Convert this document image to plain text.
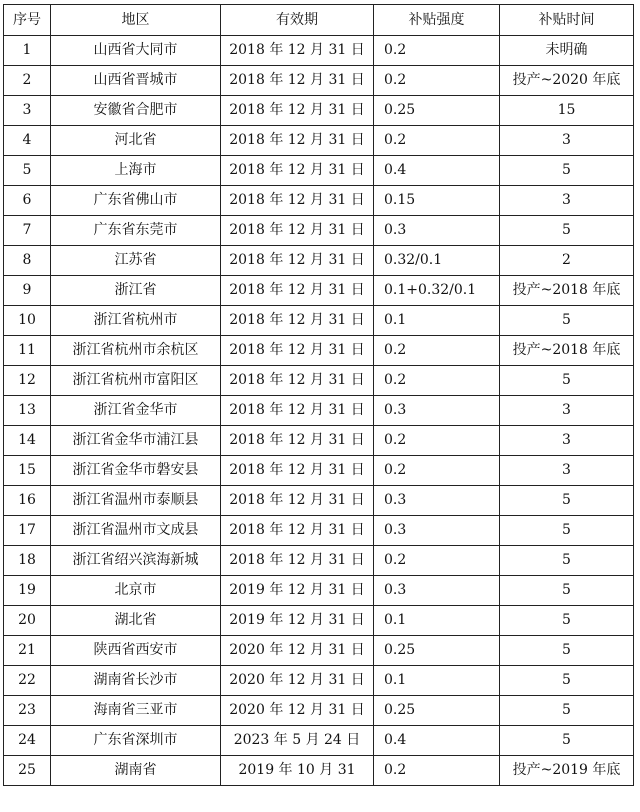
序号	地区	有效期	补贴强度	补贴时间
1	山西省大同市	2018 年 12 月 31 日	0.2	未明确
2	山西省晋城市	2018 年 12 月 31 日	0.2	投产~2020 年底
3	安徽省合肥市	2018 年 12 月 31 日	0.25	15
4	河北省	2018 年 12 月 31 日	0.2	3
5	上海市	2018 年 12 月 31 日	0.4	5
6	广东省佛山市	2018 年 12 月 31 日	0.15	3
7	广东省东莞市	2018 年 12 月 31 日	0.3	5
8	江苏省	2018 年 12 月 31 日	0.32/0.1	2
9	浙江省	2018 年 12 月 31 日	0.1+0.32/0.1	投产~2018 年底
10	浙江省杭州市	2018 年 12 月 31 日	0.1	5
11	浙江省杭州市余杭区	2018 年 12 月 31 日	0.2	投产~2018 年底
12	浙江省杭州市富阳区	2018 年 12 月 31 日	0.2	5
13	浙江省金华市	2018 年 12 月 31 日	0.3	3
14	浙江省金华市浦江县	2018 年 12 月 31 日	0.2	3
15	浙江省金华市磐安县	2018 年 12 月 31 日	0.2	3
16	浙江省温州市泰顺县	2018 年 12 月 31 日	0.3	5
17	浙江省温州市文成县	2018 年 12 月 31 日	0.3	5
18	浙江省绍兴滨海新城	2018 年 12 月 31 日	0.2	5
19	北京市	2019 年 12 月 31 日	0.3	5
20	湖北省	2019 年 12 月 31 日	0.1	5
21	陕西省西安市	2020 年 12 月 31 日	0.25	5
22	湖南省长沙市	2020 年 12 月 31 日	0.1	5
23	海南省三亚市	2020 年 12 月 31 日	0.25	5
24	广东省深圳市	2023 年 5 月 24 日	0.4	5
25	湖南省	2019 年 10 月 31	0.2	投产~2019 年底
